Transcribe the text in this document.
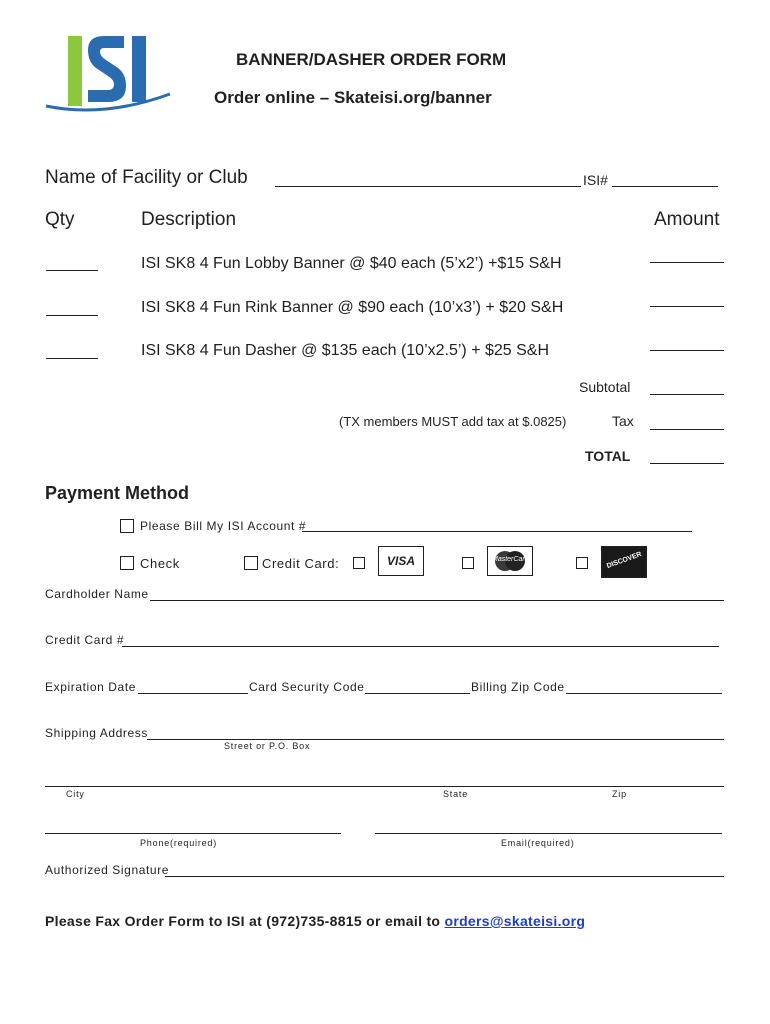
BANNER/DASHER ORDER FORM
Order online – Skateisi.org/banner
Name of Facility or Club	ISI#
Qty	Description	Amount
ISI SK8 4 Fun Lobby Banner @ $40 each (5’x2’) +$15 S&H
ISI SK8 4 Fun Rink Banner @ $90 each (10’x3’) + $20 S&H
ISI SK8 4 Fun Dasher @ $135 each (10’x2.5’) + $25 S&H
Subtotal
(TX members MUST add tax at $.0825)	Tax
TOTAL
Payment Method
Please Bill My ISI Account #
Check	Credit Card:	VISA	MasterCard	DISCOVER
Cardholder Name
Credit Card #
Expiration Date	Card Security Code	Billing Zip Code
Shipping Address
Street or P.O. Box
City	State	Zip
Phone(required)	Email(required)
Authorized Signature
Please Fax Order Form to ISI at (972)735-8815 or email to orders@skateisi.org
